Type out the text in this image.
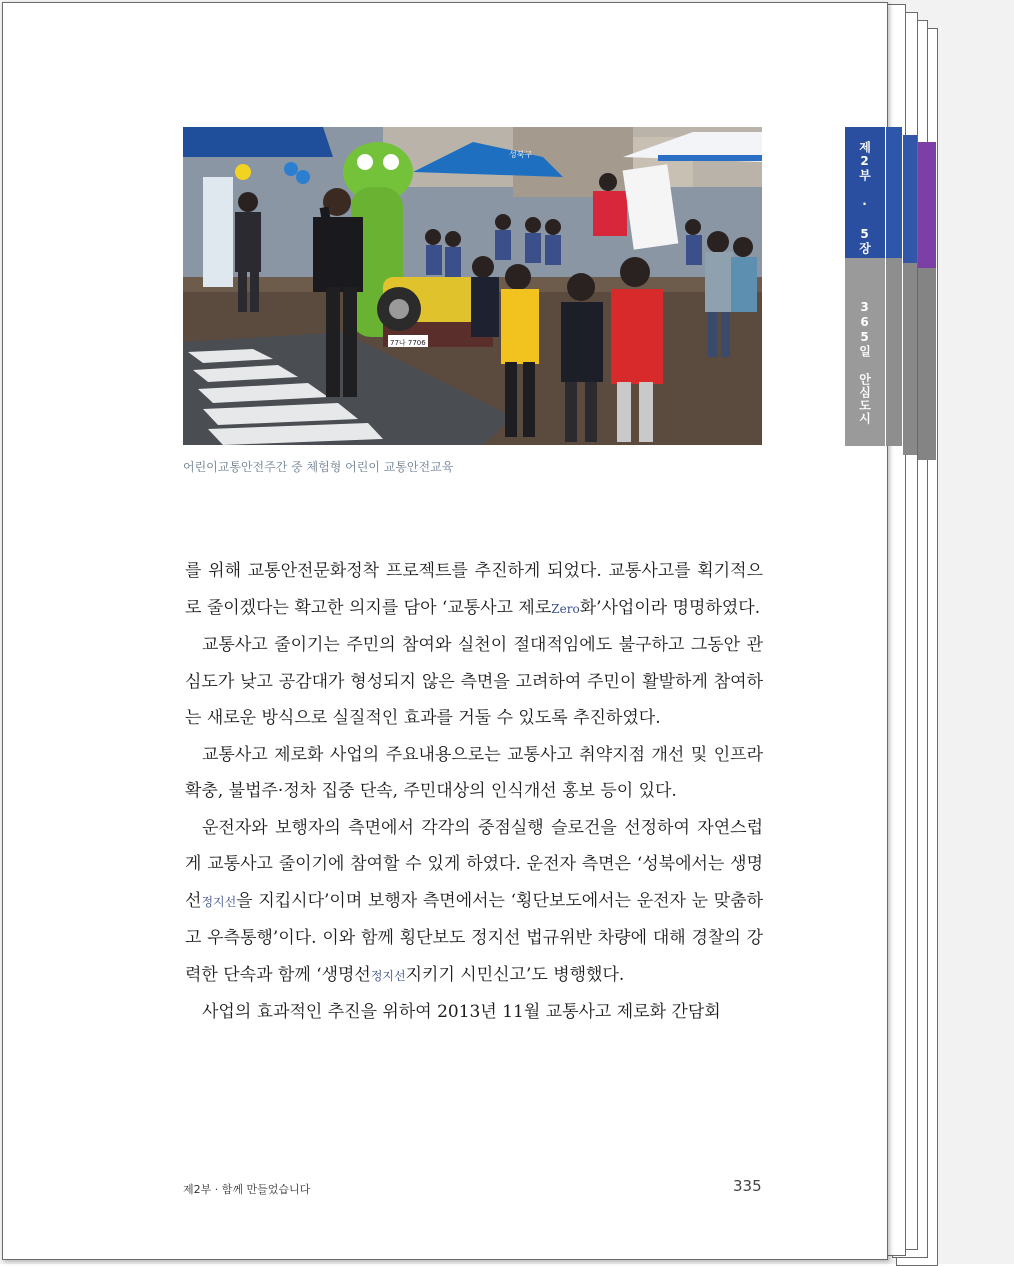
제2부 · 5장
365일 안심도시
성북구
77나 7706
어린이교통안전주간 중 체험형 어린이 교통안전교육

를 위해 교통안전문화정착 프로젝트를 추진하게 되었다. 교통사고를 획기적으로 줄이겠다는 확고한 의지를 담아 ‘교통사고 제로Zero화’사업이라 명명하였다.

교통사고 줄이기는 주민의 참여와 실천이 절대적임에도 불구하고 그동안 관심도가 낮고 공감대가 형성되지 않은 측면을 고려하여 주민이 활발하게 참여하는 새로운 방식으로 실질적인 효과를 거둘 수 있도록 추진하였다.

교통사고 제로화 사업의 주요내용으로는 교통사고 취약지점 개선 및 인프라 확충, 불법주·정차 집중 단속, 주민대상의 인식개선 홍보 등이 있다.

운전자와 보행자의 측면에서 각각의 중점실행 슬로건을 선정하여 자연스럽게 교통사고 줄이기에 참여할 수 있게 하였다. 운전자 측면은 ‘성북에서는 생명선정지선을 지킵시다’이며 보행자 측면에서는 ‘횡단보도에서는 운전자 눈 맞춤하고 우측통행’이다. 이와 함께 횡단보도 정지선 법규위반 차량에 대해 경찰의 강력한 단속과 함께 ‘생명선정지선지키기 시민신고’도 병행했다.

사업의 효과적인 추진을 위하여 2013년 11월 교통사고 제로화 간담회

제2부 · 함께 만들었습니다	335
